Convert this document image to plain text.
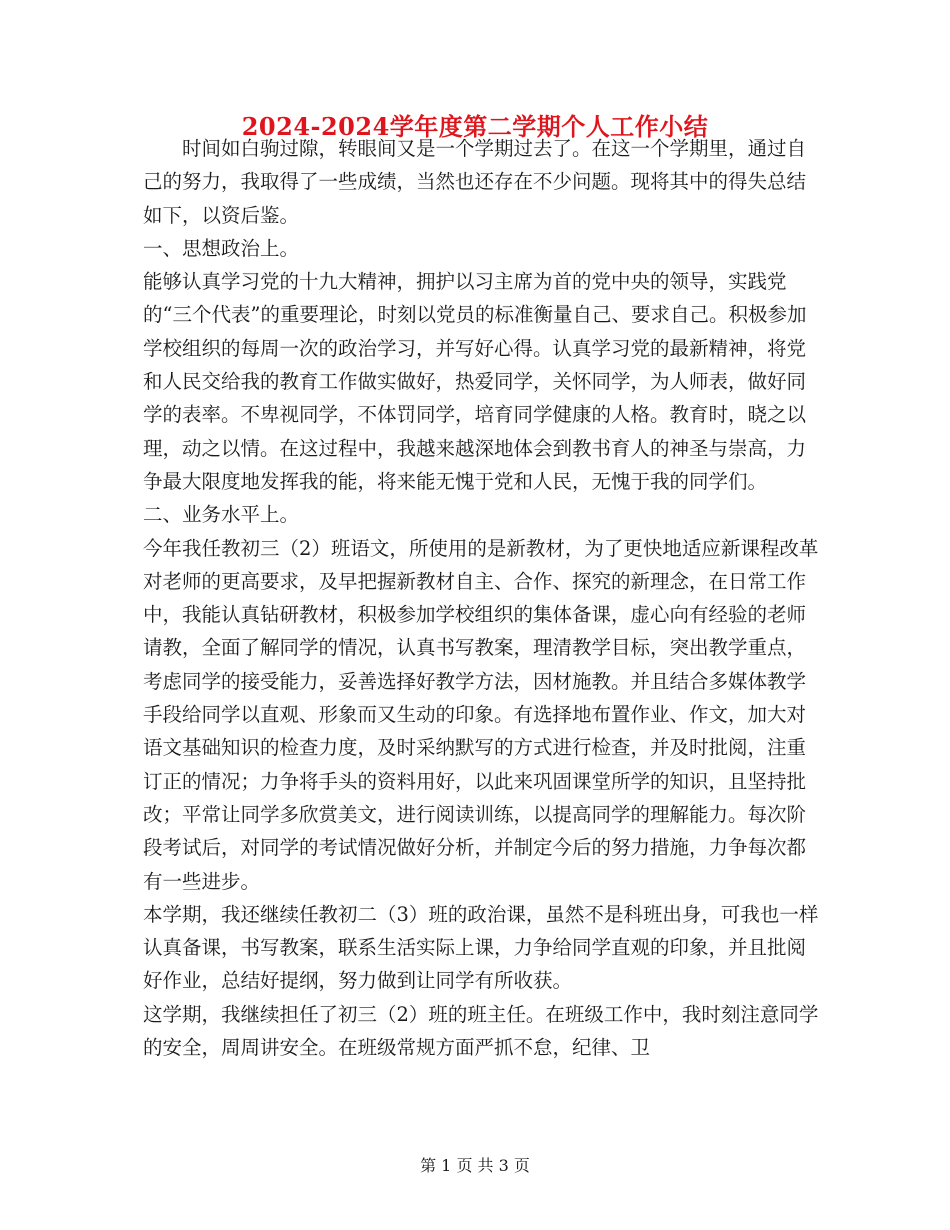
2024-2024学年度第二学期个人工作小结

时间如白驹过隙，转眼间又是一个学期过去了。在这一个学期里，通过自己的努力，我取得了一些成绩，当然也还存在不少问题。现将其中的得失总结如下，以资后鉴。

一、思想政治上。

能够认真学习党的十九大精神，拥护以习主席为首的党中央的领导，实践党的“三个代表”的重要理论，时刻以党员的标准衡量自己、要求自己。积极参加学校组织的每周一次的政治学习，并写好心得。认真学习党的最新精神，将党和人民交给我的教育工作做实做好，热爱同学，关怀同学，为人师表，做好同学的表率。不卑视同学，不体罚同学，培育同学健康的人格。教育时，晓之以理，动之以情。在这过程中，我越来越深地体会到教书育人的神圣与崇高，力争最大限度地发挥我的能，将来能无愧于党和人民，无愧于我的同学们。

二、业务水平上。

今年我任教初三（2）班语文，所使用的是新教材，为了更快地适应新课程改革对老师的更高要求，及早把握新教材自主、合作、探究的新理念，在日常工作中，我能认真钻研教材，积极参加学校组织的集体备课，虚心向有经验的老师请教，全面了解同学的情况，认真书写教案，理清教学目标，突出教学重点，考虑同学的接受能力，妥善选择好教学方法，因材施教。并且结合多媒体教学手段给同学以直观、形象而又生动的印象。有选择地布置作业、作文，加大对语文基础知识的检查力度，及时采纳默写的方式进行检查，并及时批阅，注重订正的情况；力争将手头的资料用好，以此来巩固课堂所学的知识，且坚持批改；平常让同学多欣赏美文，进行阅读训练，以提高同学的理解能力。每次阶段考试后，对同学的考试情况做好分析，并制定今后的努力措施，力争每次都有一些进步。

本学期，我还继续任教初二（3）班的政治课，虽然不是科班出身，可我也一样认真备课，书写教案，联系生活实际上课，力争给同学直观的印象，并且批阅好作业，总结好提纲，努力做到让同学有所收获。

这学期，我继续担任了初三（2）班的班主任。在班级工作中，我时刻注意同学的安全，周周讲安全。在班级常规方面严抓不怠，纪律、卫

第 1 页 共 3 页
